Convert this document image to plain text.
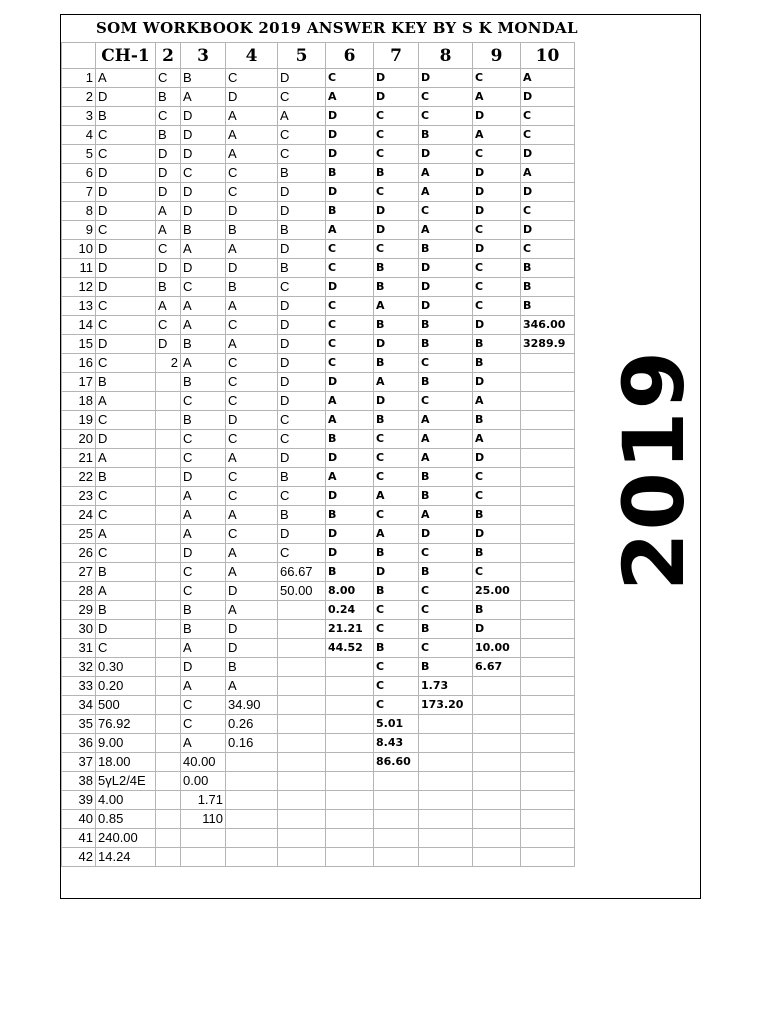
SOM WORKBOOK 2019 ANSWER KEY BY S K MONDAL
	CH-1	2	3	4	5	6	7	8	9	10
1	A	C	B	C	D	C	D	D	C	A
2	D	B	A	D	C	A	D	C	A	D
3	B	C	D	A	A	D	C	C	D	C
4	C	B	D	A	C	D	C	B	A	C
5	C	D	D	A	C	D	C	D	C	D
6	D	D	C	C	B	B	B	A	D	A
7	D	D	D	C	D	D	C	A	D	D
8	D	A	D	D	D	B	D	C	D	C
9	C	A	B	B	B	A	D	A	C	D
10	D	C	A	A	D	C	C	B	D	C
11	D	D	D	D	B	C	B	D	C	B
12	D	B	C	B	C	D	B	D	C	B
13	C	A	A	A	D	C	A	D	C	B
14	C	C	A	C	D	C	B	B	D	346.00
15	D	D	B	A	D	C	D	B	B	3289.9
16	C	2	A	C	D	C	B	C	B	
17	B		B	C	D	D	A	B	D	
18	A		C	C	D	A	D	C	A	
19	C		B	D	C	A	B	A	B	
20	D		C	C	C	B	C	A	A	
21	A		C	A	D	D	C	A	D	
22	B		D	C	B	A	C	B	C	
23	C		A	C	C	D	A	B	C	
24	C		A	A	B	B	C	A	B	
25	A		A	C	D	D	A	D	D	
26	C		D	A	C	D	B	C	B	
27	B		C	A	66.67	B	D	B	C	
28	A		C	D	50.00	8.00	B	C	25.00	
29	B		B	A		0.24	C	C	B	
30	D		B	D		21.21	C	B	D	
31	C		A	D		44.52	B	C	10.00	
32	0.30		D	B			C	B	6.67	
33	0.20		A	A			C	1.73		
34	500		C	34.90			C	173.20		
35	76.92		C	0.26			5.01			
36	9.00		A	0.16			8.43			
37	18.00		40.00				86.60			
38	5γL2/4E		0.00							
39	4.00		1.71							
40	0.85		110							
41	240.00									
42	14.24									
2019
